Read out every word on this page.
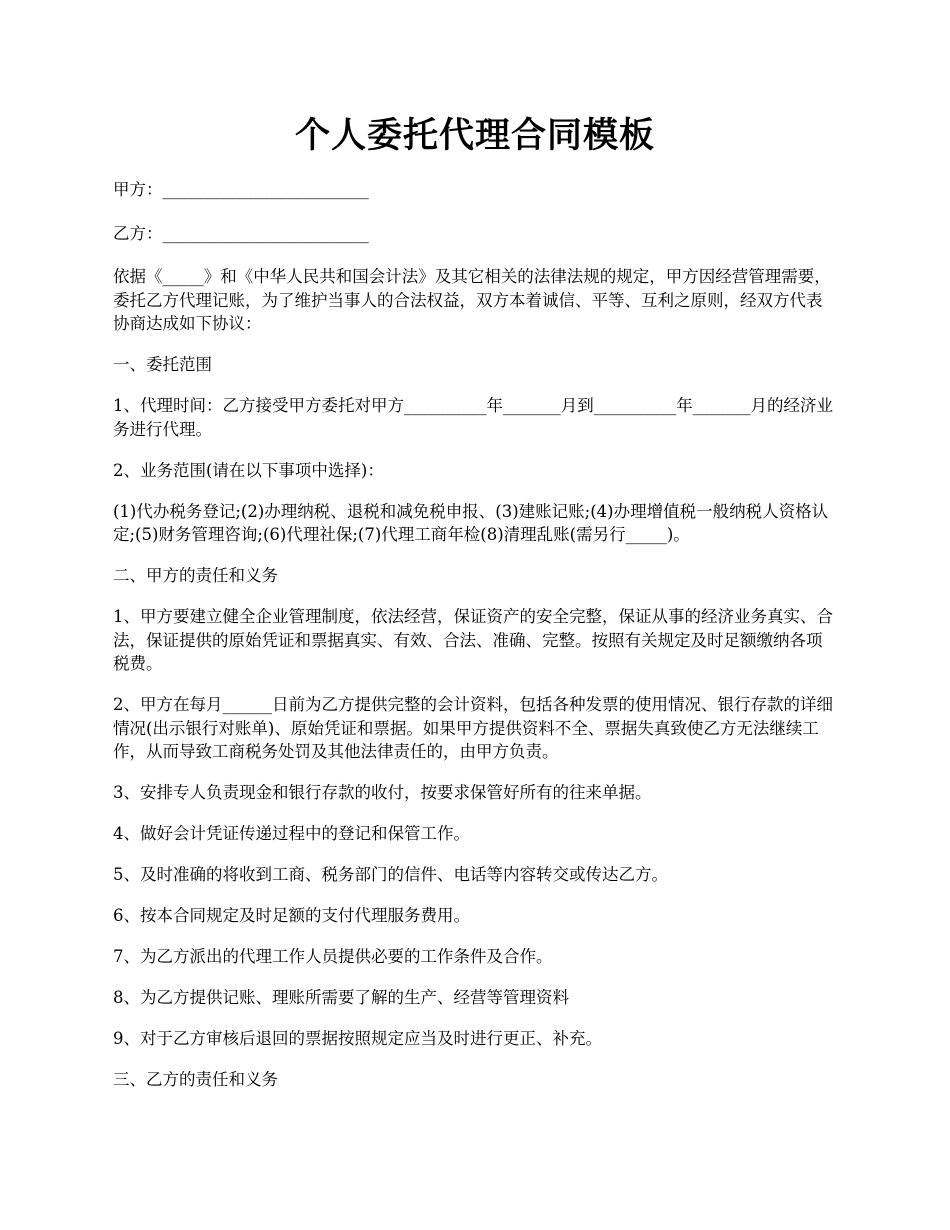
个人委托代理合同模板

甲方：_________________________

乙方：_________________________

依据《_____》和《中华人民共和国会计法》及其它相关的法律法规的规定，甲方因经营管理需要，委托乙方代理记账，为了维护当事人的合法权益，双方本着诚信、平等、互利之原则，经双方代表协商达成如下协议：

一、委托范围

1、代理时间：乙方接受甲方委托对甲方__________年_______月到__________年_______月的经济业务进行代理。

2、业务范围(请在以下事项中选择)：

(1)代办税务登记;(2)办理纳税、退税和减免税申报、(3)建账记账;(4)办理增值税一般纳税人资格认定;(5)财务管理咨询;(6)代理社保;(7)代理工商年检(8)清理乱账(需另行_____)。

二、甲方的责任和义务

1、甲方要建立健全企业管理制度，依法经营，保证资产的安全完整，保证从事的经济业务真实、合法，保证提供的原始凭证和票据真实、有效、合法、准确、完整。按照有关规定及时足额缴纳各项税费。

2、甲方在每月______日前为乙方提供完整的会计资料，包括各种发票的使用情况、银行存款的详细情况(出示银行对账单)、原始凭证和票据。如果甲方提供资料不全、票据失真致使乙方无法继续工作，从而导致工商税务处罚及其他法律责任的，由甲方负责。

3、安排专人负责现金和银行存款的收付，按要求保管好所有的往来单据。

4、做好会计凭证传递过程中的登记和保管工作。

5、及时准确的将收到工商、税务部门的信件、电话等内容转交或传达乙方。

6、按本合同规定及时足额的支付代理服务费用。

7、为乙方派出的代理工作人员提供必要的工作条件及合作。

8、为乙方提供记账、理账所需要了解的生产、经营等管理资料

9、对于乙方审核后退回的票据按照规定应当及时进行更正、补充。

三、乙方的责任和义务
